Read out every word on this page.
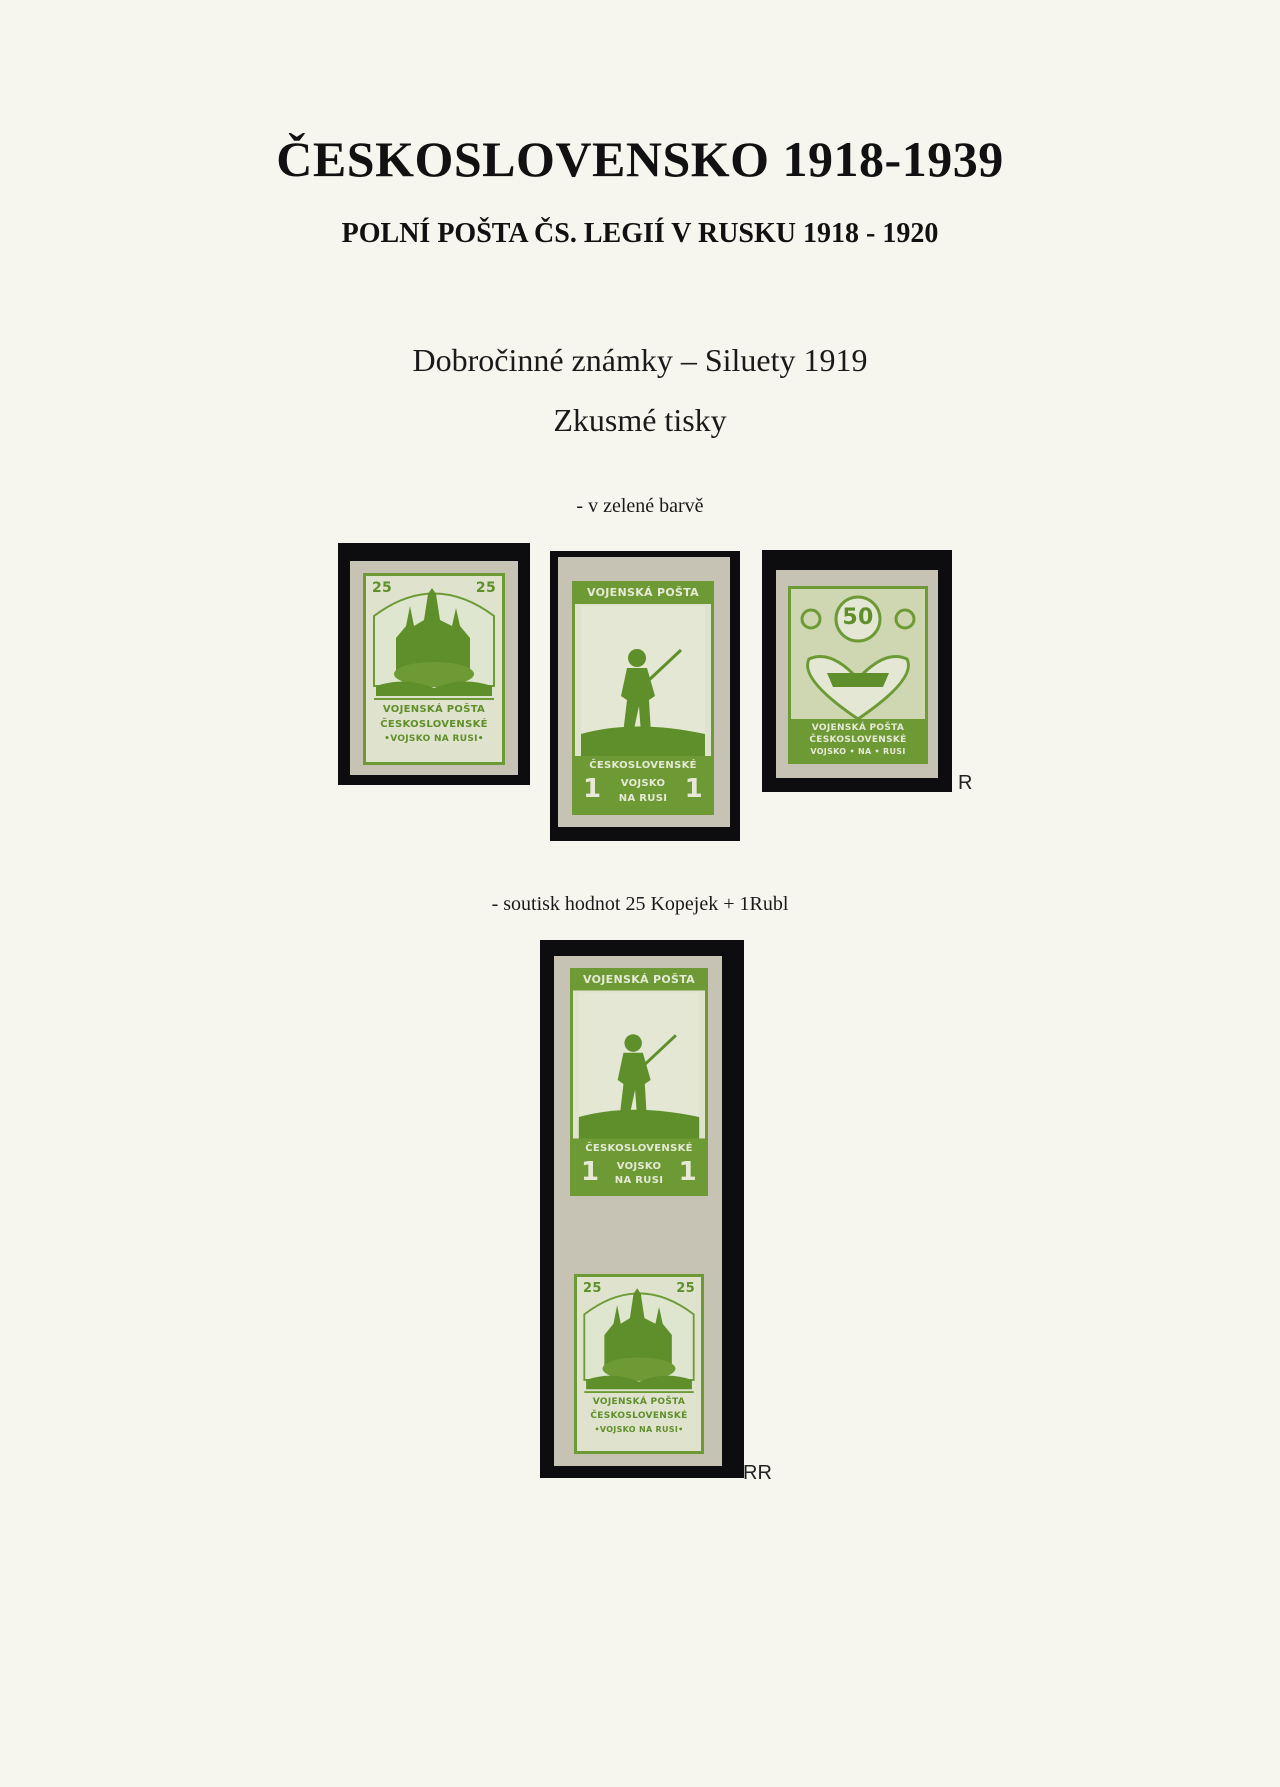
ČESKOSLOVENSKO 1918-1939
POLNÍ POŠTA ČS. LEGIÍ V RUSKU 1918 - 1920
Dobročinné známky – Siluety 1919
Zkusmé tisky
- v zelené barvě
25	25
VOJENSKÁ POŠTA
ČESKOSLOVENSKÉ
•VOJSKO NA RUSI•
VOJENSKÁ POŠTA
ČESKOSLOVENSKÉ
1	1
VOJSKO
NA RUSI
50
VOJENSKÁ POŠTA
ČESKOSLOVENSKÉ
VOJSKO • NA • RUSI
R
- soutisk hodnot 25 Kopejek + 1Rubl
VOJENSKÁ POŠTA
ČESKOSLOVENSKÉ
1	1
VOJSKO
NA RUSI
25	25
VOJENSKÁ POŠTA
ČESKOSLOVENSKÉ
•VOJSKO NA RUSI•
RR
